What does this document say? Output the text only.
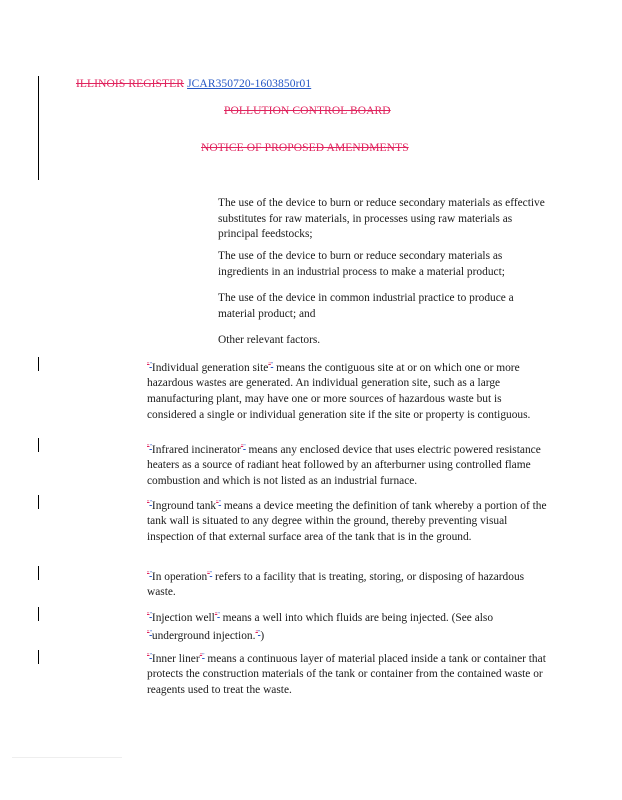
ILLINOIS REGISTER JCAR350720-1603850r01
POLLUTION CONTROL BOARD
NOTICE OF PROPOSED AMENDMENTS
The use of the device to burn or reduce secondary materials as effective substitutes for raw materials, in processes using raw materials as principal feedstocks;
The use of the device to burn or reduce secondary materials as ingredients in an industrial process to make a material product;
The use of the device in common industrial practice to produce a material product; and
Other relevant factors.
""Individual generation site"" means the contiguous site at or on which one or more hazardous wastes are generated. An individual generation site, such as a large manufacturing plant, may have one or more sources of hazardous waste but is considered a single or individual generation site if the site or property is contiguous.
""Infrared incinerator"" means any enclosed device that uses electric powered resistance heaters as a source of radiant heat followed by an afterburner using controlled flame combustion and which is not listed as an industrial furnace.
""Inground tank"" means a device meeting the definition of tank whereby a portion of the tank wall is situated to any degree within the ground, thereby preventing visual inspection of that external surface area of the tank that is in the ground.
""In operation"" refers to a facility that is treating, storing, or disposing of hazardous waste.
""Injection well"" means a well into which fluids are being injected. (See also ""underground injection."")
""Inner liner"" means a continuous layer of material placed inside a tank or container that protects the construction materials of the tank or container from the contained waste or reagents used to treat the waste.
